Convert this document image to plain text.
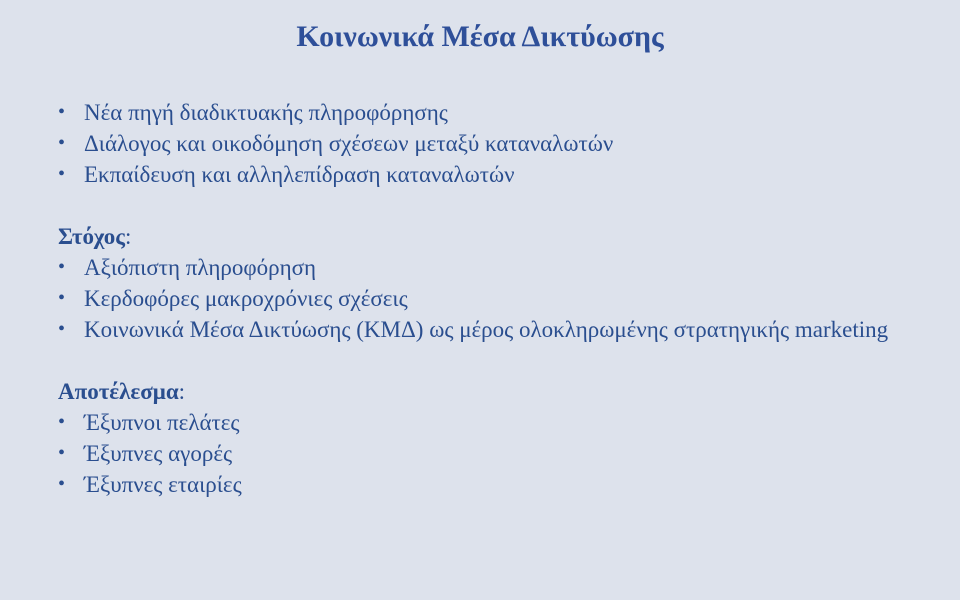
Κοινωνικά Μέσα Δικτύωσης
• Νέα πηγή διαδικτυακής πληροφόρησης
• Διάλογος και οικοδόμηση σχέσεων μεταξύ καταναλωτών
• Εκπαίδευση και αλληλεπίδραση καταναλωτών
Στόχος:
• Αξιόπιστη πληροφόρηση
• Κερδοφόρες μακροχρόνιες σχέσεις
• Κοινωνικά Μέσα Δικτύωσης (ΚΜΔ) ως μέρος ολοκληρωμένης στρατηγικής marketing
Αποτέλεσμα:
• Έξυπνοι πελάτες
• Έξυπνες αγορές
• Έξυπνες εταιρίες
